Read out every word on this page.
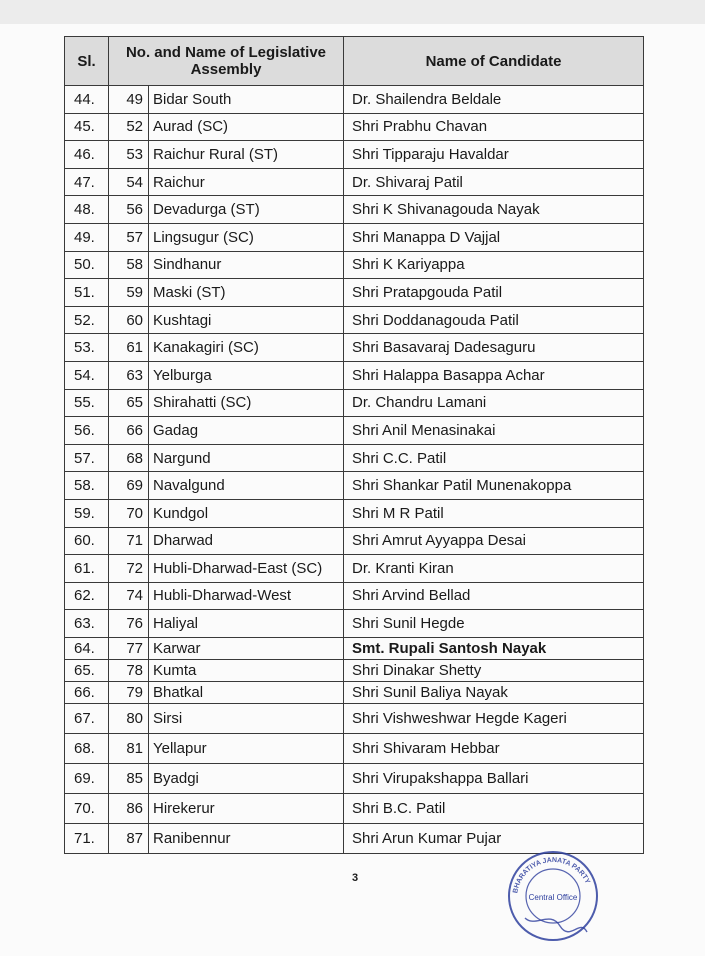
Sl.	No. and Name of Legislative Assembly		Name of Candidate
44.	49	Bidar South	Dr. Shailendra Beldale
45.	52	Aurad (SC)	Shri Prabhu Chavan
46.	53	Raichur Rural (ST)	Shri Tipparaju Havaldar
47.	54	Raichur	Dr. Shivaraj Patil
48.	56	Devadurga (ST)	Shri K Shivanagouda Nayak
49.	57	Lingsugur (SC)	Shri Manappa D Vajjal
50.	58	Sindhanur	Shri K Kariyappa
51.	59	Maski (ST)	Shri Pratapgouda Patil
52.	60	Kushtagi	Shri Doddanagouda Patil
53.	61	Kanakagiri (SC)	Shri Basavaraj Dadesaguru
54.	63	Yelburga	Shri Halappa Basappa Achar
55.	65	Shirahatti (SC)	Dr. Chandru Lamani
56.	66	Gadag	Shri Anil Menasinakai
57.	68	Nargund	Shri C.C. Patil
58.	69	Navalgund	Shri Shankar Patil Munenakoppa
59.	70	Kundgol	Shri M R Patil
60.	71	Dharwad	Shri Amrut Ayyappa Desai
61.	72	Hubli-Dharwad-East (SC)	Dr. Kranti Kiran
62.	74	Hubli-Dharwad-West	Shri Arvind Bellad
63.	76	Haliyal	Shri Sunil Hegde
64.	77	Karwar	Smt. Rupali Santosh Nayak
65.	78	Kumta	Shri Dinakar Shetty
66.	79	Bhatkal	Shri Sunil Baliya Nayak
67.	80	Sirsi	Shri Vishweshwar Hegde Kageri
68.	81	Yellapur	Shri Shivaram Hebbar
69.	85	Byadgi	Shri Virupakshappa Ballari
70.	86	Hirekerur	Shri B.C. Patil
71.	87	Ranibennur	Shri Arun Kumar Pujar
3
BHARATIYA JANATA PARTY
Central Office
